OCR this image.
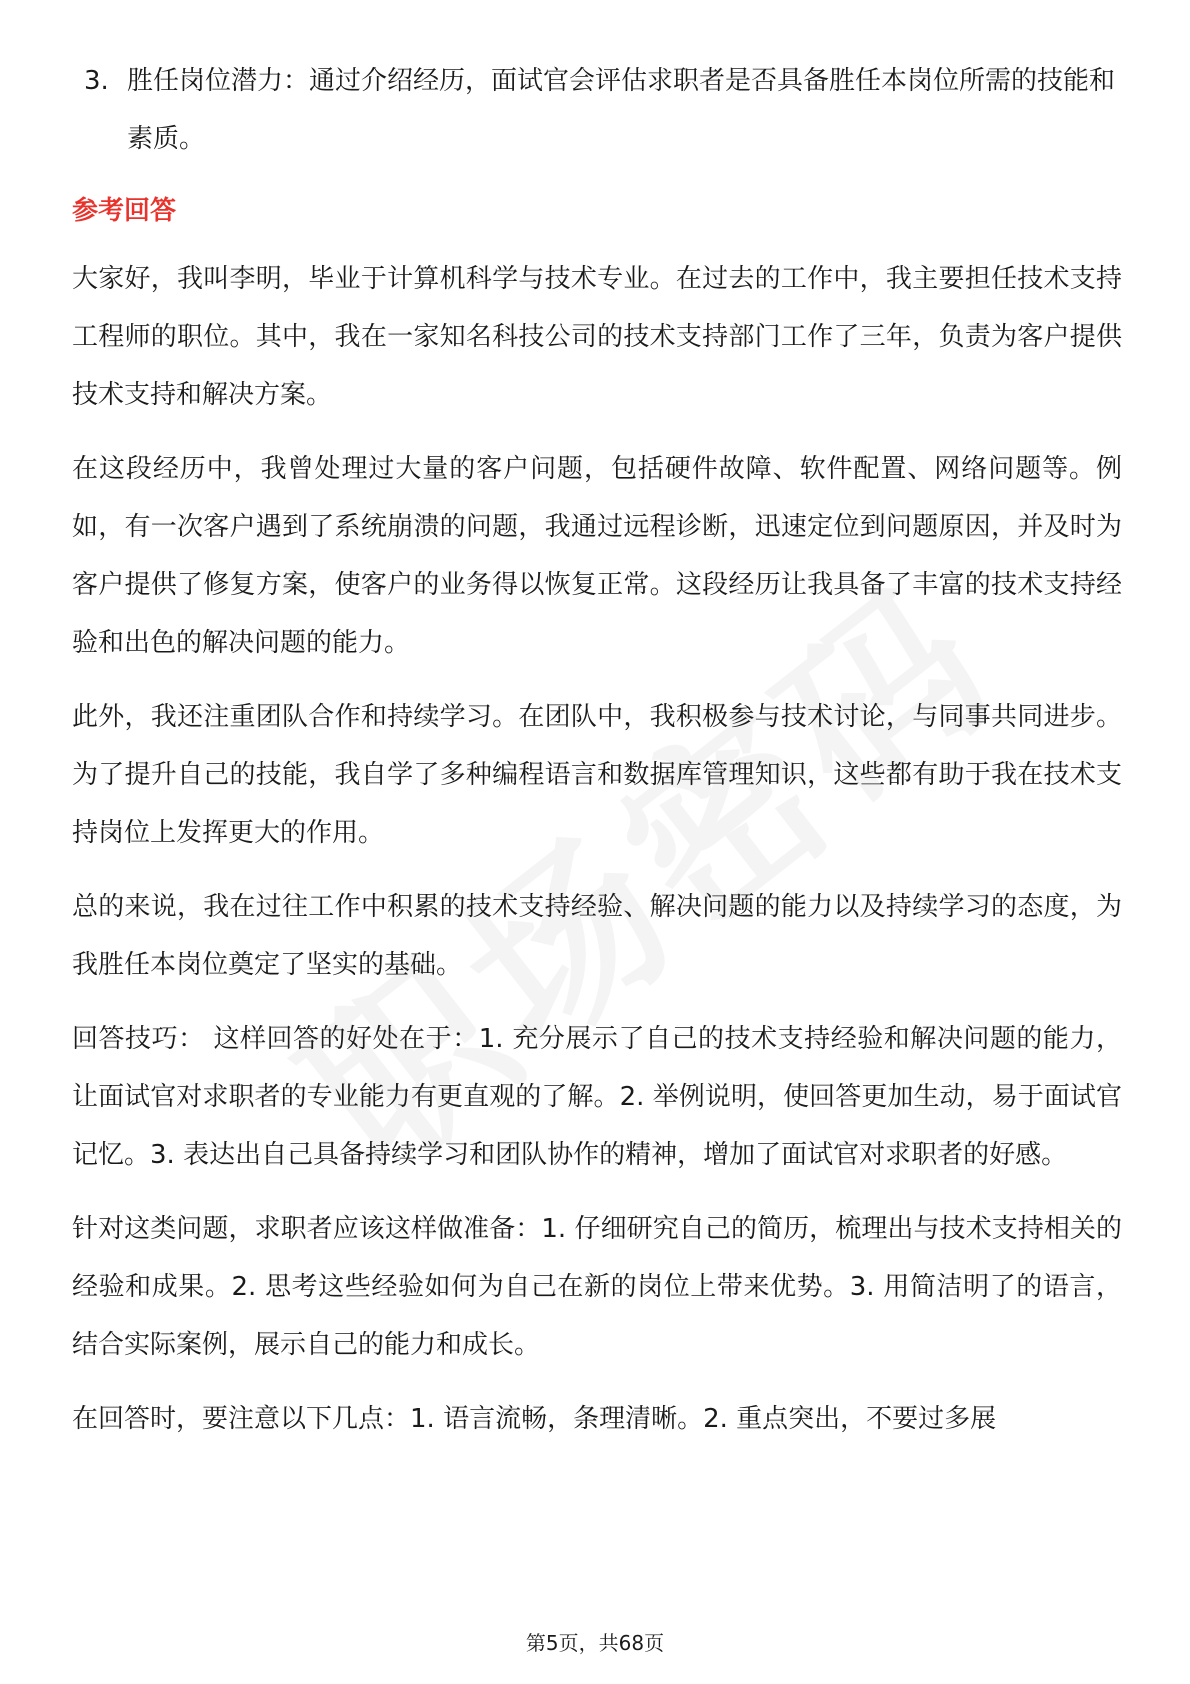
3. 胜任岗位潜力：通过介绍经历，面试官会评估求职者是否具备胜任本岗位所需的技能和素质。
参考回答
大家好，我叫李明，毕业于计算机科学与技术专业。在过去的工作中，我主要担任技术支持工程师的职位。其中，我在一家知名科技公司的技术支持部门工作了三年，负责为客户提供技术支持和解决方案。
在这段经历中，我曾处理过大量的客户问题，包括硬件故障、软件配置、网络问题等。例如，有一次客户遇到了系统崩溃的问题，我通过远程诊断，迅速定位到问题原因，并及时为客户提供了修复方案，使客户的业务得以恢复正常。这段经历让我具备了丰富的技术支持经验和出色的解决问题的能力。
此外，我还注重团队合作和持续学习。在团队中，我积极参与技术讨论，与同事共同进步。为了提升自己的技能，我自学了多种编程语言和数据库管理知识，这些都有助于我在技术支持岗位上发挥更大的作用。
总的来说，我在过往工作中积累的技术支持经验、解决问题的能力以及持续学习的态度，为我胜任本岗位奠定了坚实的基础。
回答技巧： 这样回答的好处在于：1. 充分展示了自己的技术支持经验和解决问题的能力，让面试官对求职者的专业能力有更直观的了解。2. 举例说明，使回答更加生动，易于面试官记忆。3. 表达出自己具备持续学习和团队协作的精神，增加了面试官对求职者的好感。
针对这类问题，求职者应该这样做准备：1. 仔细研究自己的简历，梳理出与技术支持相关的经验和成果。2. 思考这些经验如何为自己在新的岗位上带来优势。3. 用简洁明了的语言，结合实际案例，展示自己的能力和成长。
在回答时，要注意以下几点：1. 语言流畅，条理清晰。2. 重点突出，不要过多展
第5页，共68页
